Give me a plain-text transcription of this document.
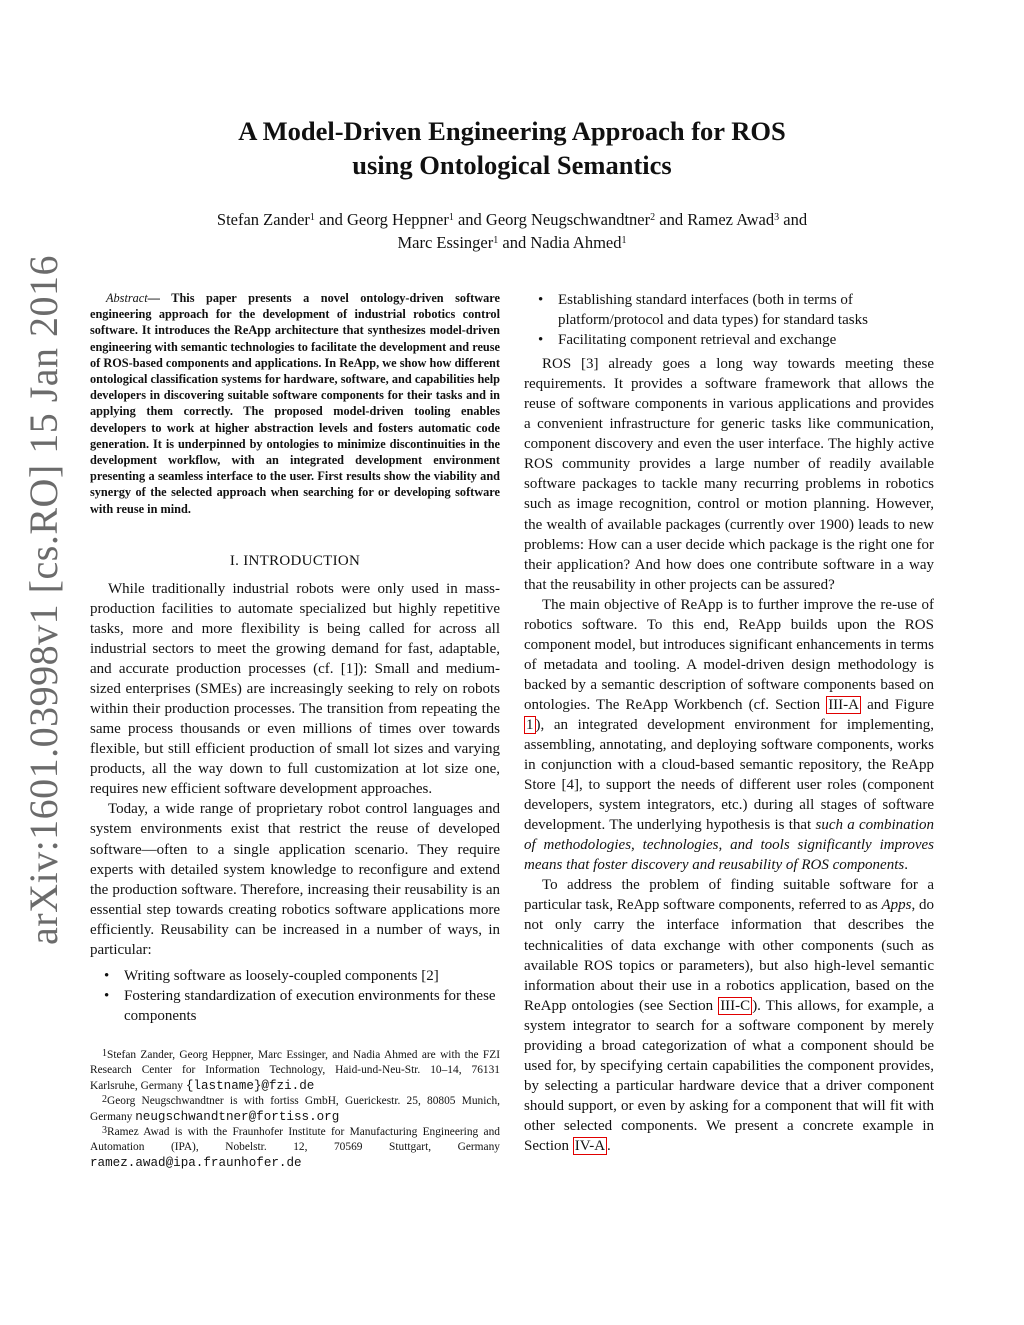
arXiv:1601.03998v1 [cs.RO] 15 Jan 2016
A Model-Driven Engineering Approach for ROS
using Ontological Semantics
Stefan Zander$^1$ and Georg Heppner$^1$ and Georg Neugschwandtner$^2$ and Ramez Awad$^3$ and
Marc Essinger$^1$ and Nadia Ahmed$^1$

Abstract— This paper presents a novel ontology-driven software engineering approach for the development of industrial robotics control software. It introduces the ReApp architecture that synthesizes model-driven engineering with semantic technologies to facilitate the development and reuse of ROS-based components and applications. In ReApp, we show how different ontological classification systems for hardware, software, and capabilities help developers in discovering suitable software components for their tasks and in applying them correctly. The proposed model-driven tooling enables developers to work at higher abstraction levels and fosters automatic code generation. It is underpinned by ontologies to minimize discontinuities in the development workflow, with an integrated development environment presenting a seamless interface to the user. First results show the viability and synergy of the selected approach when searching for or developing software with reuse in mind.

I. INTRODUCTION

While traditionally industrial robots were only used in mass-production facilities to automate specialized but highly repetitive tasks, more and more flexibility is being called for across all industrial sectors to meet the growing demand for fast, adaptable, and accurate production processes (cf. [1]): Small and medium-sized enterprises (SMEs) are increasingly seeking to rely on robots within their production processes. The transition from repeating the same process thousands or even millions of times over towards flexible, but still efficient production of small lot sizes and varying products, all the way down to full customization at lot size one, requires new efficient software development approaches.

Today, a wide range of proprietary robot control languages and system environments exist that restrict the reuse of developed software—often to a single application scenario. They require experts with detailed system knowledge to reconfigure and extend the production software. Therefore, increasing their reusability is an essential step towards creating robotics software applications more efficiently. Reusability can be increased in a number of ways, in particular:

• Writing software as loosely-coupled components [2]
• Fostering standardization of execution environments for these components

$^1$Stefan Zander, Georg Heppner, Marc Essinger, and Nadia Ahmed are with the FZI Research Center for Information Technology, Haid-und-Neu-Str. 10–14, 76131 Karlsruhe, Germany {lastname}@fzi.de

$^2$Georg Neugschwandtner is with fortiss GmbH, Guerickestr. 25, 80805 Munich, Germany neugschwandtner@fortiss.org

$^3$Ramez Awad is with the Fraunhofer Institute for Manufacturing Engineering and Automation (IPA), Nobelstr. 12, 70569 Stuttgart, Germany ramez.awad@ipa.fraunhofer.de

• Establishing standard interfaces (both in terms of platform/protocol and data types) for standard tasks
• Facilitating component retrieval and exchange

ROS [3] already goes a long way towards meeting these requirements. It provides a software framework that allows the reuse of software components in various applications and provides a convenient infrastructure for generic tasks like communication, component discovery and even the user interface. The highly active ROS community provides a large number of readily available software packages to tackle many recurring problems in robotics such as image recognition, control or motion planning. However, the wealth of available packages (currently over 1900) leads to new problems: How can a user decide which package is the right one for their application? And how does one contribute software in a way that the reusability in other projects can be assured?

The main objective of ReApp is to further improve the re-use of robotics software. To this end, ReApp builds upon the ROS component model, but introduces significant enhancements in terms of metadata and tooling. A model-driven design methodology is backed by a semantic description of software components based on ontologies. The ReApp Workbench (cf. Section III-A and Figure 1 ), an integrated development environment for implementing, assembling, annotating, and deploying software components, works in conjunction with a cloud-based semantic repository, the ReApp Store [4], to support the needs of different user roles (component developers, system integrators, etc.) during all stages of software development. The underlying hypothesis is that such a combination of methodologies, technologies, and tools significantly improves means that foster discovery and reusability of ROS components.

To address the problem of finding suitable software for a particular task, ReApp software components, referred to as Apps, do not only carry the interface information that describes the technicalities of data exchange with other components (such as available ROS topics or parameters), but also high-level semantic information about their use in a robotics application, based on the ReApp ontologies (see Section III-C ). This allows, for example, a system integrator to search for a software component by merely providing a broad categorization of what a component should be used for, by specifying certain capabilities the component provides, by selecting a particular hardware device that a driver component should support, or even by asking for a component that will fit with other selected components. We present a concrete example in Section IV-A .
